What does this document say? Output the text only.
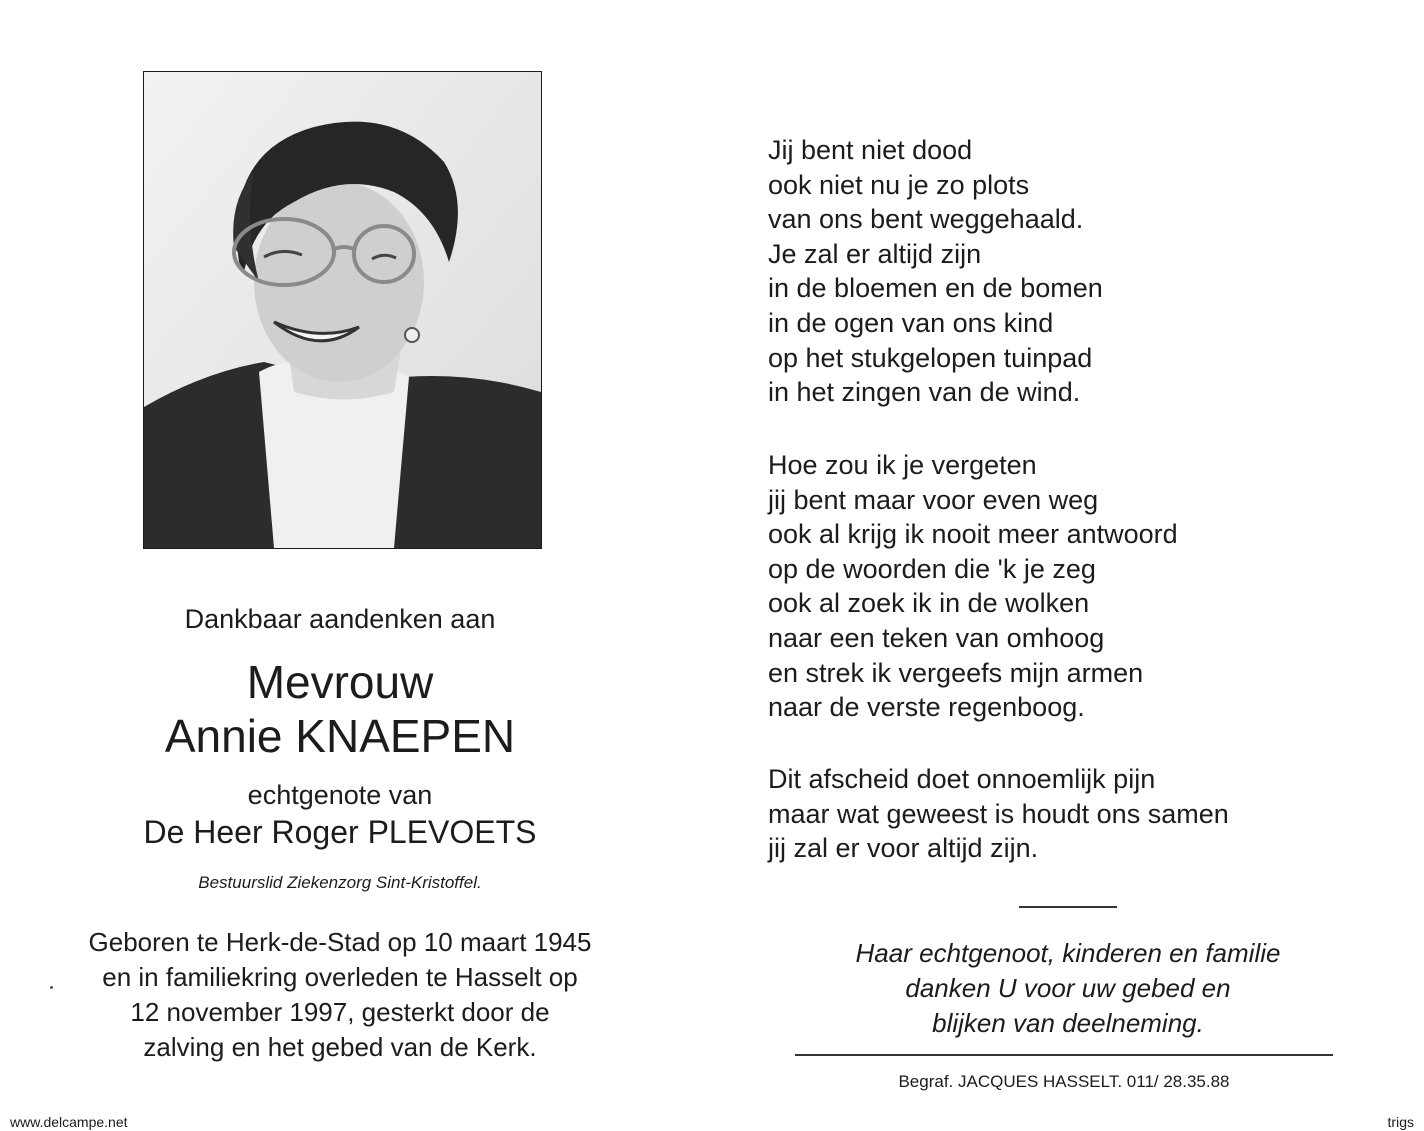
Dankbaar aandenken aan
Mevrouw
Annie KNAEPEN
echtgenote van
De Heer Roger PLEVOETS
Bestuurslid Ziekenzorg Sint-Kristoffel.
Geboren te Herk-de-Stad op 10 maart 1945
en in familiekring overleden te Hasselt op
12 november 1997, gesterkt door de
zalving en het gebed van de Kerk.
Jij bent niet dood
ook niet nu je zo plots
van ons bent weggehaald.
Je zal er altijd zijn
in de bloemen en de bomen
in de ogen van ons kind
op het stukgelopen tuinpad
in het zingen van de wind.
Hoe zou ik je vergeten
jij bent maar voor even weg
ook al krijg ik nooit meer antwoord
op de woorden die 'k je zeg
ook al zoek ik in de wolken
naar een teken van omhoog
en strek ik vergeefs mijn armen
naar de verste regenboog.
Dit afscheid doet onnoemlijk pijn
maar wat geweest is houdt ons samen
jij zal er voor altijd zijn.
Haar echtgenoot, kinderen en familie
danken U voor uw gebed en
blijken van deelneming.
Begraf. JACQUES HASSELT. 011/ 28.35.88
www.delcampe.net	trigs
